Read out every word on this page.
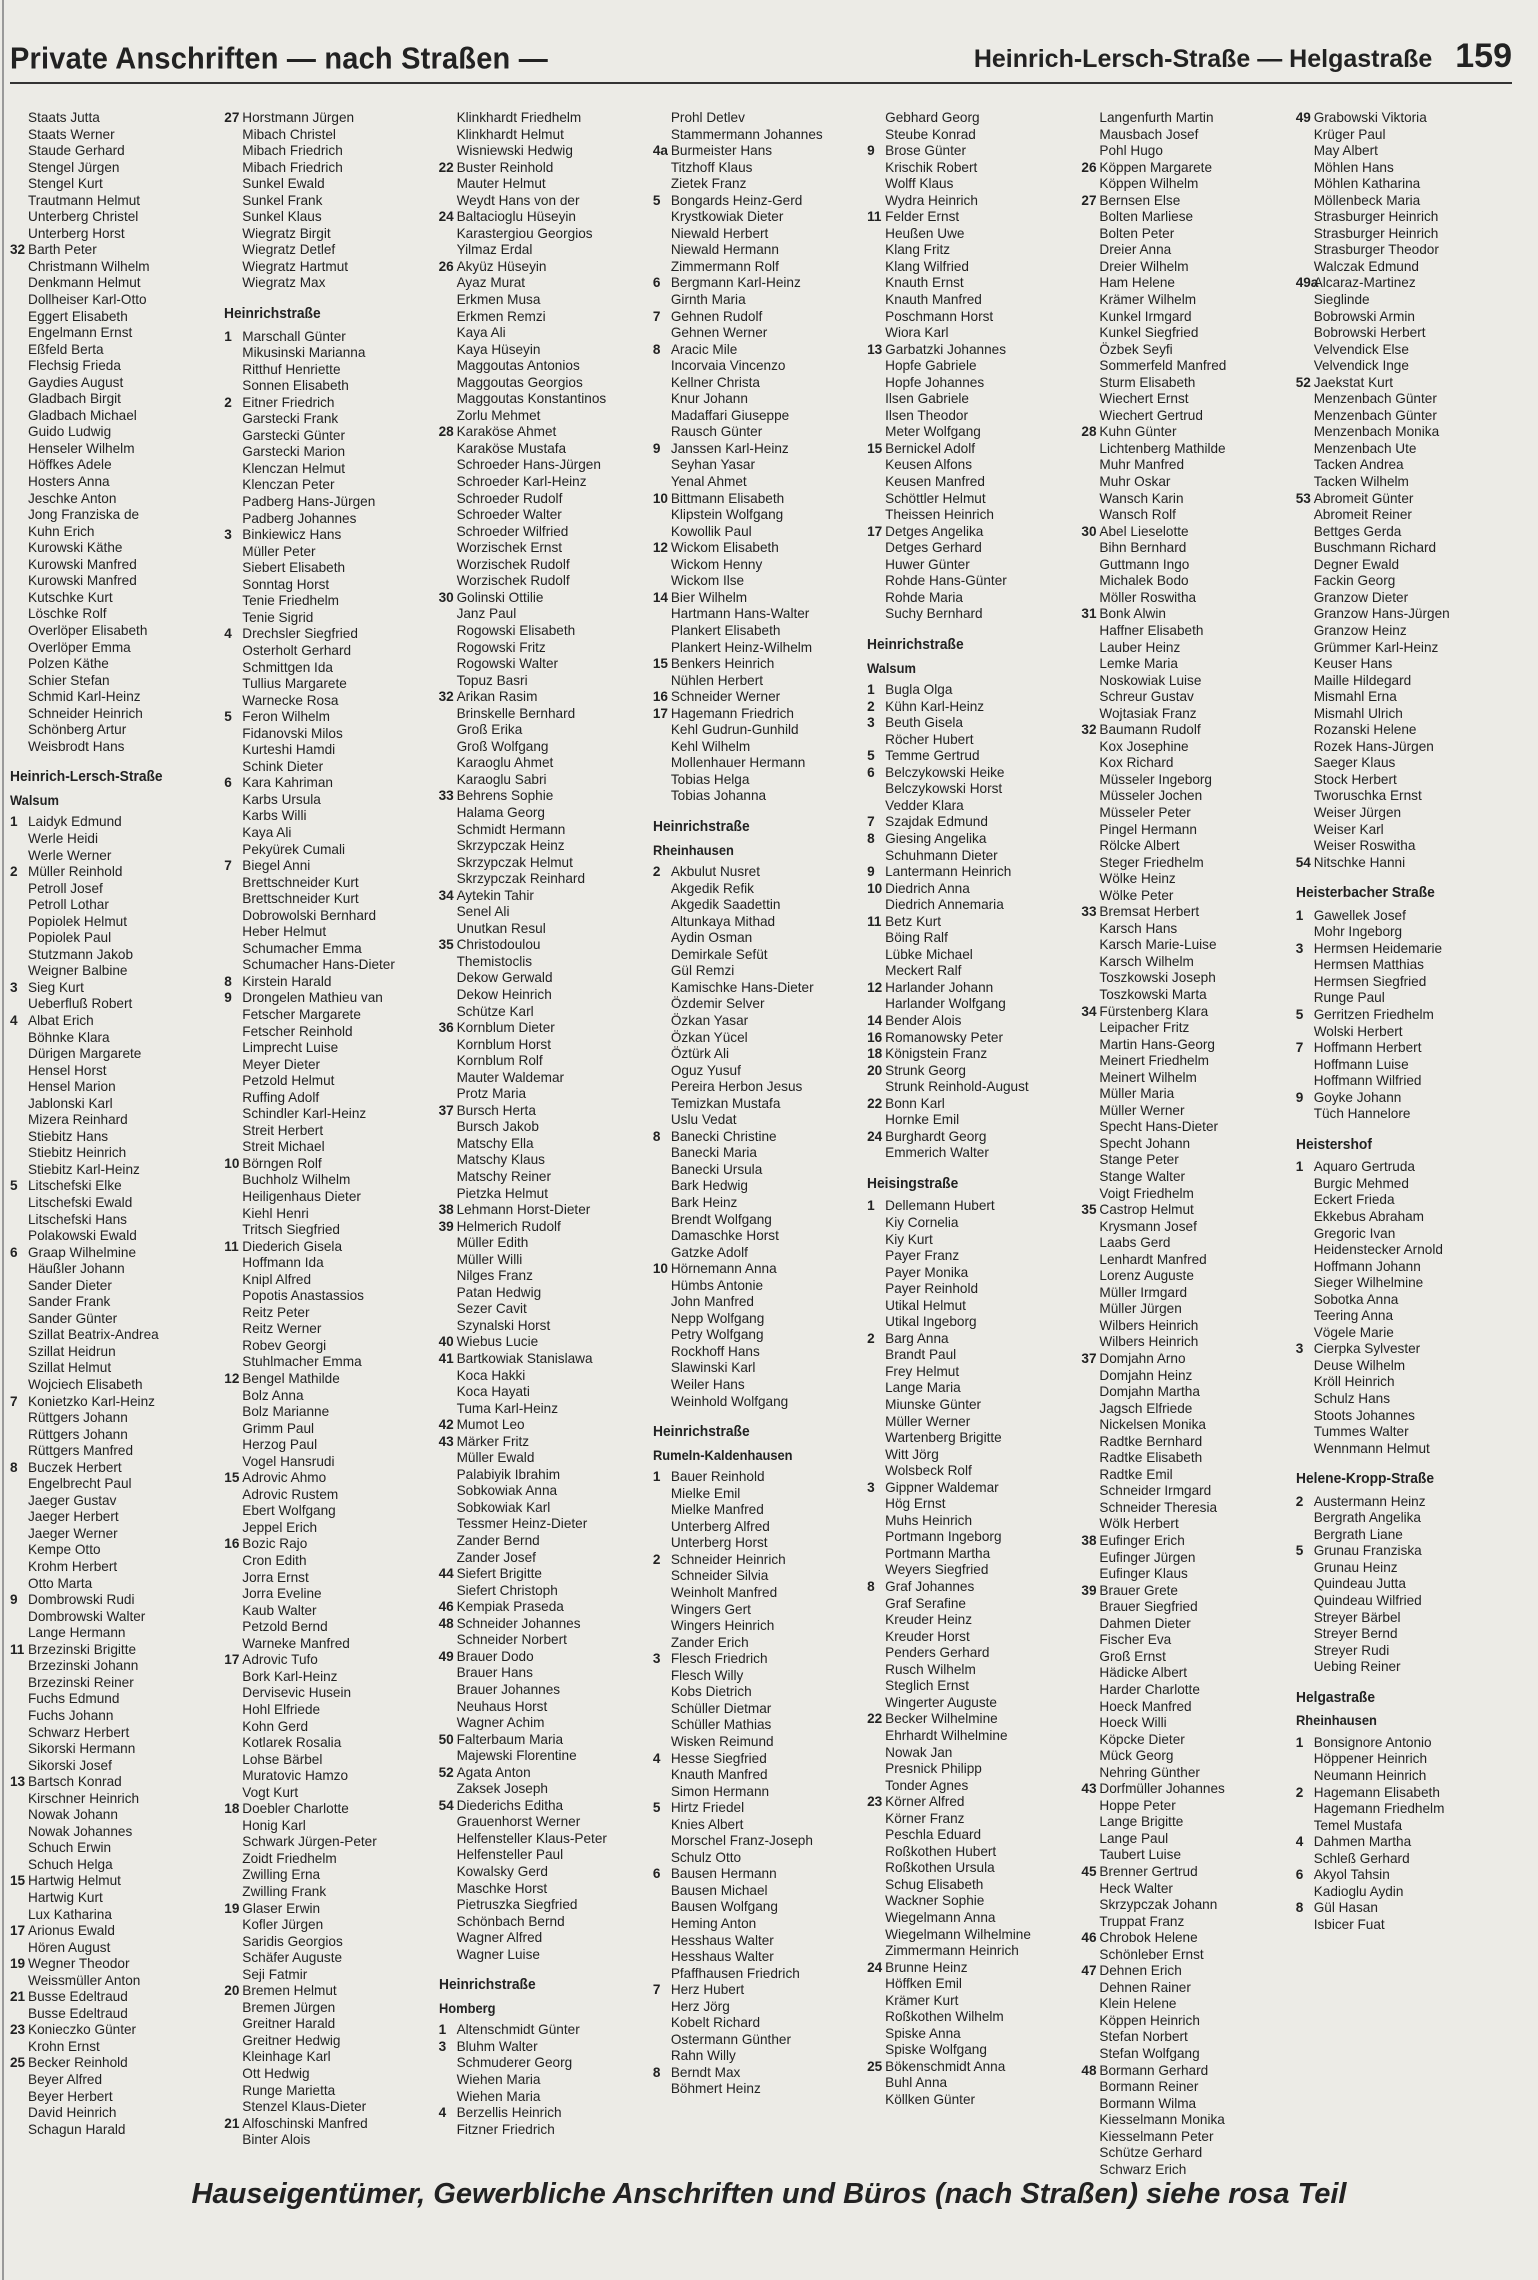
Private Anschriften — nach Straßen —	Heinrich-Lersch-Straße — Helgastraße 159
Staats Jutta
Staats Werner
Staude Gerhard
Stengel Jürgen
Stengel Kurt
Trautmann Helmut
Unterberg Christel
Unterberg Horst
32 Barth Peter
Christmann Wilhelm
Denkmann Helmut
Dollheiser Karl-Otto
Eggert Elisabeth
Engelmann Ernst
Eßfeld Berta
Flechsig Frieda
Gaydies August
Gladbach Birgit
Gladbach Michael
Guido Ludwig
Henseler Wilhelm
Höffkes Adele
Hosters Anna
Jeschke Anton
Jong Franziska de
Kuhn Erich
Kurowski Käthe
Kurowski Manfred
Kurowski Manfred
Kutschke Kurt
Löschke Rolf
Overlöper Elisabeth
Overlöper Emma
Polzen Käthe
Schier Stefan
Schmid Karl-Heinz
Schneider Heinrich
Schönberg Artur
Weisbrodt Hans
Heinrich-Lersch-Straße
Walsum
1 Laidyk Edmund
Werle Heidi
Werle Werner
2 Müller Reinhold
Petroll Josef
Petroll Lothar
Popiolek Helmut
Popiolek Paul
Stutzmann Jakob
Weigner Balbine
3 Sieg Kurt
Ueberfluß Robert
4 Albat Erich
Böhnke Klara
Dürigen Margarete
Hensel Horst
Hensel Marion
Jablonski Karl
Mizera Reinhard
Stiebitz Hans
Stiebitz Heinrich
Stiebitz Karl-Heinz
5 Litschefski Elke
Litschefski Ewald
Litschefski Hans
Polakowski Ewald
6 Graap Wilhelmine
Häußler Johann
Sander Dieter
Sander Frank
Sander Günter
Szillat Beatrix-Andrea
Szillat Heidrun
Szillat Helmut
Wojciech Elisabeth
7 Konietzko Karl-Heinz
Rüttgers Johann
Rüttgers Johann
Rüttgers Manfred
8 Buczek Herbert
Engelbrecht Paul
Jaeger Gustav
Jaeger Herbert
Jaeger Werner
Kempe Otto
Krohm Herbert
Otto Marta
9 Dombrowski Rudi
Dombrowski Walter
Lange Hermann
11 Brzezinski Brigitte
Brzezinski Johann
Brzezinski Reiner
Fuchs Edmund
Fuchs Johann
Schwarz Herbert
Sikorski Hermann
Sikorski Josef
13 Bartsch Konrad
Kirschner Heinrich
Nowak Johann
Nowak Johannes
Schuch Erwin
Schuch Helga
15 Hartwig Helmut
Hartwig Kurt
Lux Katharina
17 Arionus Ewald
Hören August
19 Wegner Theodor
Weissmüller Anton
21 Busse Edeltraud
Busse Edeltraud
23 Konieczko Günter
Krohn Ernst
25 Becker Reinhold
Beyer Alfred
Beyer Herbert
David Heinrich
Schagun Harald
27 Horstmann Jürgen
Mibach Christel
Mibach Friedrich
Mibach Friedrich
Sunkel Ewald
Sunkel Frank
Sunkel Klaus
Wiegratz Birgit
Wiegratz Detlef
Wiegratz Hartmut
Wiegratz Max
Heinrichstraße
1 Marschall Günter
Mikusinski Marianna
Ritthuf Henriette
Sonnen Elisabeth
2 Eitner Friedrich
Garstecki Frank
Garstecki Günter
Garstecki Marion
Klenczan Helmut
Klenczan Peter
Padberg Hans-Jürgen
Padberg Johannes
3 Binkiewicz Hans
Müller Peter
Siebert Elisabeth
Sonntag Horst
Tenie Friedhelm
Tenie Sigrid
4 Drechsler Siegfried
Osterholt Gerhard
Schmittgen Ida
Tullius Margarete
Warnecke Rosa
5 Feron Wilhelm
Fidanovski Milos
Kurteshi Hamdi
Schink Dieter
6 Kara Kahriman
Karbs Ursula
Karbs Willi
Kaya Ali
Pekyürek Cumali
7 Biegel Anni
Brettschneider Kurt
Brettschneider Kurt
Dobrowolski Bernhard
Heber Helmut
Schumacher Emma
Schumacher Hans-Dieter
8 Kirstein Harald
9 Drongelen Mathieu van
Fetscher Margarete
Fetscher Reinhold
Limprecht Luise
Meyer Dieter
Petzold Helmut
Ruffing Adolf
Schindler Karl-Heinz
Streit Herbert
Streit Michael
10 Börngen Rolf
Buchholz Wilhelm
Heiligenhaus Dieter
Kiehl Henri
Tritsch Siegfried
11 Diederich Gisela
Hoffmann Ida
Knipl Alfred
Popotis Anastassios
Reitz Peter
Reitz Werner
Robev Georgi
Stuhlmacher Emma
12 Bengel Mathilde
Bolz Anna
Bolz Marianne
Grimm Paul
Herzog Paul
Vogel Hansrudi
15 Adrovic Ahmo
Adrovic Rustem
Ebert Wolfgang
Jeppel Erich
16 Bozic Rajo
Cron Edith
Jorra Ernst
Jorra Eveline
Kaub Walter
Petzold Bernd
Warneke Manfred
17 Adrovic Tufo
Bork Karl-Heinz
Dervisevic Husein
Hohl Elfriede
Kohn Gerd
Kotlarek Rosalia
Lohse Bärbel
Muratovic Hamzo
Vogt Kurt
18 Doebler Charlotte
Honig Karl
Schwark Jürgen-Peter
Zoidt Friedhelm
Zwilling Erna
Zwilling Frank
19 Glaser Erwin
Kofler Jürgen
Saridis Georgios
Schäfer Auguste
Seji Fatmir
20 Bremen Helmut
Bremen Jürgen
Greitner Harald
Greitner Hedwig
Kleinhage Karl
Ott Hedwig
Runge Marietta
Stenzel Klaus-Dieter
21 Alfoschinski Manfred
Binter Alois
Klinkhardt Friedhelm
Klinkhardt Helmut
Wisniewski Hedwig
22 Buster Reinhold
Mauter Helmut
Weydt Hans von der
24 Baltacioglu Hüseyin
Karastergiou Georgios
Yilmaz Erdal
26 Akyüz Hüseyin
Ayaz Murat
Erkmen Musa
Erkmen Remzi
Kaya Ali
Kaya Hüseyin
Maggoutas Antonios
Maggoutas Georgios
Maggoutas Konstantinos
Zorlu Mehmet
28 Karaköse Ahmet
Karaköse Mustafa
Schroeder Hans-Jürgen
Schroeder Karl-Heinz
Schroeder Rudolf
Schroeder Walter
Schroeder Wilfried
Worzischek Ernst
Worzischek Rudolf
Worzischek Rudolf
30 Golinski Ottilie
Janz Paul
Rogowski Elisabeth
Rogowski Fritz
Rogowski Walter
Topuz Basri
32 Arikan Rasim
Brinskelle Bernhard
Groß Erika
Groß Wolfgang
Karaoglu Ahmet
Karaoglu Sabri
33 Behrens Sophie
Halama Georg
Schmidt Hermann
Skrzypczak Heinz
Skrzypczak Helmut
Skrzypczak Reinhard
34 Aytekin Tahir
Senel Ali
Unutkan Resul
35 Christodoulou
Themistoclis
Dekow Gerwald
Dekow Heinrich
Schütze Karl
36 Kornblum Dieter
Kornblum Horst
Kornblum Rolf
Mauter Waldemar
Protz Maria
37 Bursch Herta
Bursch Jakob
Matschy Ella
Matschy Klaus
Matschy Reiner
Pietzka Helmut
38 Lehmann Horst-Dieter
39 Helmerich Rudolf
Müller Edith
Müller Willi
Nilges Franz
Patan Hedwig
Sezer Cavit
Szynalski Horst
40 Wiebus Lucie
41 Bartkowiak Stanislawa
Koca Hakki
Koca Hayati
Tuma Karl-Heinz
42 Mumot Leo
43 Märker Fritz
Müller Ewald
Palabiyik Ibrahim
Sobkowiak Anna
Sobkowiak Karl
Tessmer Heinz-Dieter
Zander Bernd
Zander Josef
44 Siefert Brigitte
Siefert Christoph
46 Kempiak Praseda
48 Schneider Johannes
Schneider Norbert
49 Brauer Dodo
Brauer Hans
Brauer Johannes
Neuhaus Horst
Wagner Achim
50 Falterbaum Maria
Majewski Florentine
52 Agata Anton
Zaksek Joseph
54 Diederichs Editha
Grauenhorst Werner
Helfensteller Klaus-Peter
Helfensteller Paul
Kowalsky Gerd
Maschke Horst
Pietruszka Siegfried
Schönbach Bernd
Wagner Alfred
Wagner Luise
Heinrichstraße
Homberg
1 Altenschmidt Günter
3 Bluhm Walter
Schmuderer Georg
Wiehen Maria
Wiehen Maria
4 Berzellis Heinrich
Fitzner Friedrich
Prohl Detlev
Stammermann Johannes
4a Burmeister Hans
Titzhoff Klaus
Zietek Franz
5 Bongards Heinz-Gerd
Krystkowiak Dieter
Niewald Herbert
Niewald Hermann
Zimmermann Rolf
6 Bergmann Karl-Heinz
Girnth Maria
7 Gehnen Rudolf
Gehnen Werner
8 Aracic Mile
Incorvaia Vincenzo
Kellner Christa
Knur Johann
Madaffari Giuseppe
Rausch Günter
9 Janssen Karl-Heinz
Seyhan Yasar
Yenal Ahmet
10 Bittmann Elisabeth
Klipstein Wolfgang
Kowollik Paul
12 Wickom Elisabeth
Wickom Henny
Wickom Ilse
14 Bier Wilhelm
Hartmann Hans-Walter
Plankert Elisabeth
Plankert Heinz-Wilhelm
15 Benkers Heinrich
Nühlen Herbert
16 Schneider Werner
17 Hagemann Friedrich
Kehl Gudrun-Gunhild
Kehl Wilhelm
Mollenhauer Hermann
Tobias Helga
Tobias Johanna
Heinrichstraße
Rheinhausen
2 Akbulut Nusret
Akgedik Refik
Akgedik Saadettin
Altunkaya Mithad
Aydin Osman
Demirkale Sefüt
Gül Remzi
Kamischke Hans-Dieter
Özdemir Selver
Özkan Yasar
Özkan Yücel
Öztürk Ali
Oguz Yusuf
Pereira Herbon Jesus
Temizkan Mustafa
Uslu Vedat
8 Banecki Christine
Banecki Maria
Banecki Ursula
Bark Hedwig
Bark Heinz
Brendt Wolfgang
Damaschke Horst
Gatzke Adolf
10 Hörnemann Anna
Hümbs Antonie
John Manfred
Nepp Wolfgang
Petry Wolfgang
Rockhoff Hans
Slawinski Karl
Weiler Hans
Weinhold Wolfgang
Heinrichstraße
Rumeln-Kaldenhausen
1 Bauer Reinhold
Mielke Emil
Mielke Manfred
Unterberg Alfred
Unterberg Horst
2 Schneider Heinrich
Schneider Silvia
Weinholt Manfred
Wingers Gert
Wingers Heinrich
Zander Erich
3 Flesch Friedrich
Flesch Willy
Kobs Dietrich
Schüller Dietmar
Schüller Mathias
Wisken Reimund
4 Hesse Siegfried
Knauth Manfred
Simon Hermann
5 Hirtz Friedel
Knies Albert
Morschel Franz-Joseph
Schulz Otto
6 Bausen Hermann
Bausen Michael
Bausen Wolfgang
Heming Anton
Hesshaus Walter
Hesshaus Walter
Pfaffhausen Friedrich
7 Herz Hubert
Herz Jörg
Kobelt Richard
Ostermann Günther
Rahn Willy
8 Berndt Max
Böhmert Heinz
Gebhard Georg
Steube Konrad
9 Brose Günter
Krischik Robert
Wolff Klaus
Wydra Heinrich
11 Felder Ernst
Heußen Uwe
Klang Fritz
Klang Wilfried
Knauth Ernst
Knauth Manfred
Poschmann Horst
Wiora Karl
13 Garbatzki Johannes
Hopfe Gabriele
Hopfe Johannes
Ilsen Gabriele
Ilsen Theodor
Meter Wolfgang
15 Bernickel Adolf
Keusen Alfons
Keusen Manfred
Schöttler Helmut
Theissen Heinrich
17 Detges Angelika
Detges Gerhard
Huwer Günter
Rohde Hans-Günter
Rohde Maria
Suchy Bernhard
Heinrichstraße
Walsum
1 Bugla Olga
2 Kühn Karl-Heinz
3 Beuth Gisela
Röcher Hubert
5 Temme Gertrud
6 Belczykowski Heike
Belczykowski Horst
Vedder Klara
7 Szajdak Edmund
8 Giesing Angelika
Schuhmann Dieter
9 Lantermann Heinrich
10 Diedrich Anna
Diedrich Annemaria
11 Betz Kurt
Böing Ralf
Lübke Michael
Meckert Ralf
12 Harlander Johann
Harlander Wolfgang
14 Bender Alois
16 Romanowsky Peter
18 Königstein Franz
20 Strunk Georg
Strunk Reinhold-August
22 Bonn Karl
Hornke Emil
24 Burghardt Georg
Emmerich Walter
Heisingstraße
1 Dellemann Hubert
Kiy Cornelia
Kiy Kurt
Payer Franz
Payer Monika
Payer Reinhold
Utikal Helmut
Utikal Ingeborg
2 Barg Anna
Brandt Paul
Frey Helmut
Lange Maria
Miunske Günter
Müller Werner
Wartenberg Brigitte
Witt Jörg
Wolsbeck Rolf
3 Gippner Waldemar
Hög Ernst
Muhs Heinrich
Portmann Ingeborg
Portmann Martha
Weyers Siegfried
8 Graf Johannes
Graf Serafine
Kreuder Heinz
Kreuder Horst
Penders Gerhard
Rusch Wilhelm
Steglich Ernst
Wingerter Auguste
22 Becker Wilhelmine
Ehrhardt Wilhelmine
Nowak Jan
Presnick Philipp
Tonder Agnes
23 Körner Alfred
Körner Franz
Peschla Eduard
Roßkothen Hubert
Roßkothen Ursula
Schug Elisabeth
Wackner Sophie
Wiegelmann Anna
Wiegelmann Wilhelmine
Zimmermann Heinrich
24 Brunne Heinz
Höffken Emil
Krämer Kurt
Roßkothen Wilhelm
Spiske Anna
Spiske Wolfgang
25 Bökenschmidt Anna
Buhl Anna
Köllken Günter
Langenfurth Martin
Mausbach Josef
Pohl Hugo
26 Köppen Margarete
Köppen Wilhelm
27 Bernsen Else
Bolten Marliese
Bolten Peter
Dreier Anna
Dreier Wilhelm
Ham Helene
Krämer Wilhelm
Kunkel Irmgard
Kunkel Siegfried
Özbek Seyfi
Sommerfeld Manfred
Sturm Elisabeth
Wiechert Ernst
Wiechert Gertrud
28 Kuhn Günter
Lichtenberg Mathilde
Muhr Manfred
Muhr Oskar
Wansch Karin
Wansch Rolf
30 Abel Lieselotte
Bihn Bernhard
Guttmann Ingo
Michalek Bodo
Möller Roswitha
31 Bonk Alwin
Haffner Elisabeth
Lauber Heinz
Lemke Maria
Noskowiak Luise
Schreur Gustav
Wojtasiak Franz
32 Baumann Rudolf
Kox Josephine
Kox Richard
Müsseler Ingeborg
Müsseler Jochen
Müsseler Peter
Pingel Hermann
Rölcke Albert
Steger Friedhelm
Wölke Heinz
Wölke Peter
33 Bremsat Herbert
Karsch Hans
Karsch Marie-Luise
Karsch Wilhelm
Toszkowski Joseph
Toszkowski Marta
34 Fürstenberg Klara
Leipacher Fritz
Martin Hans-Georg
Meinert Friedhelm
Meinert Wilhelm
Müller Maria
Müller Werner
Specht Hans-Dieter
Specht Johann
Stange Peter
Stange Walter
Voigt Friedhelm
35 Castrop Helmut
Krysmann Josef
Laabs Gerd
Lenhardt Manfred
Lorenz Auguste
Müller Irmgard
Müller Jürgen
Wilbers Heinrich
Wilbers Heinrich
37 Domjahn Arno
Domjahn Heinz
Domjahn Martha
Jagsch Elfriede
Nickelsen Monika
Radtke Bernhard
Radtke Elisabeth
Radtke Emil
Schneider Irmgard
Schneider Theresia
Wölk Herbert
38 Eufinger Erich
Eufinger Jürgen
Eufinger Klaus
39 Brauer Grete
Brauer Siegfried
Dahmen Dieter
Fischer Eva
Groß Ernst
Hädicke Albert
Harder Charlotte
Hoeck Manfred
Hoeck Willi
Köpcke Dieter
Mück Georg
Nehring Günther
43 Dorfmüller Johannes
Hoppe Peter
Lange Brigitte
Lange Paul
Taubert Luise
45 Brenner Gertrud
Heck Walter
Skrzypczak Johann
Truppat Franz
46 Chrobok Helene
Schönleber Ernst
47 Dehnen Erich
Dehnen Rainer
Klein Helene
Köppen Heinrich
Stefan Norbert
Stefan Wolfgang
48 Bormann Gerhard
Bormann Reiner
Bormann Wilma
Kiesselmann Monika
Kiesselmann Peter
Schütze Gerhard
Schwarz Erich
49 Grabowski Viktoria
Krüger Paul
May Albert
Möhlen Hans
Möhlen Katharina
Möllenbeck Maria
Strasburger Heinrich
Strasburger Heinrich
Strasburger Theodor
Walczak Edmund
49aAlcaraz-Martinez
Sieglinde
Bobrowski Armin
Bobrowski Herbert
Velvendick Else
Velvendick Inge
52 Jaekstat Kurt
Menzenbach Günter
Menzenbach Günter
Menzenbach Monika
Menzenbach Ute
Tacken Andrea
Tacken Wilhelm
53 Abromeit Günter
Abromeit Reiner
Bettges Gerda
Buschmann Richard
Degner Ewald
Fackin Georg
Granzow Dieter
Granzow Hans-Jürgen
Granzow Heinz
Grümmer Karl-Heinz
Keuser Hans
Maille Hildegard
Mismahl Erna
Mismahl Ulrich
Rozanski Helene
Rozek Hans-Jürgen
Saeger Klaus
Stock Herbert
Tworuschka Ernst
Weiser Jürgen
Weiser Karl
Weiser Roswitha
54 Nitschke Hanni
Heisterbacher Straße
1 Gawellek Josef
Mohr Ingeborg
3 Hermsen Heidemarie
Hermsen Matthias
Hermsen Siegfried
Runge Paul
5 Gerritzen Friedhelm
Wolski Herbert
7 Hoffmann Herbert
Hoffmann Luise
Hoffmann Wilfried
9 Goyke Johann
Tüch Hannelore
Heistershof
1 Aquaro Gertruda
Burgic Mehmed
Eckert Frieda
Ekkebus Abraham
Gregoric Ivan
Heidenstecker Arnold
Hoffmann Johann
Sieger Wilhelmine
Sobotka Anna
Teering Anna
Vögele Marie
3 Cierpka Sylvester
Deuse Wilhelm
Kröll Heinrich
Schulz Hans
Stoots Johannes
Tummes Walter
Wennmann Helmut
Helene-Kropp-Straße
2 Austermann Heinz
Bergrath Angelika
Bergrath Liane
5 Grunau Franziska
Grunau Heinz
Quindeau Jutta
Quindeau Wilfried
Streyer Bärbel
Streyer Bernd
Streyer Rudi
Uebing Reiner
Helgastraße
Rheinhausen
1 Bonsignore Antonio
Höppener Heinrich
Neumann Heinrich
2 Hagemann Elisabeth
Hagemann Friedhelm
Temel Mustafa
4 Dahmen Martha
Schleß Gerhard
6 Akyol Tahsin
Kadioglu Aydin
8 Gül Hasan
Isbicer Fuat
Hauseigentümer, Gewerbliche Anschriften und Büros (nach Straßen) siehe rosa Teil
